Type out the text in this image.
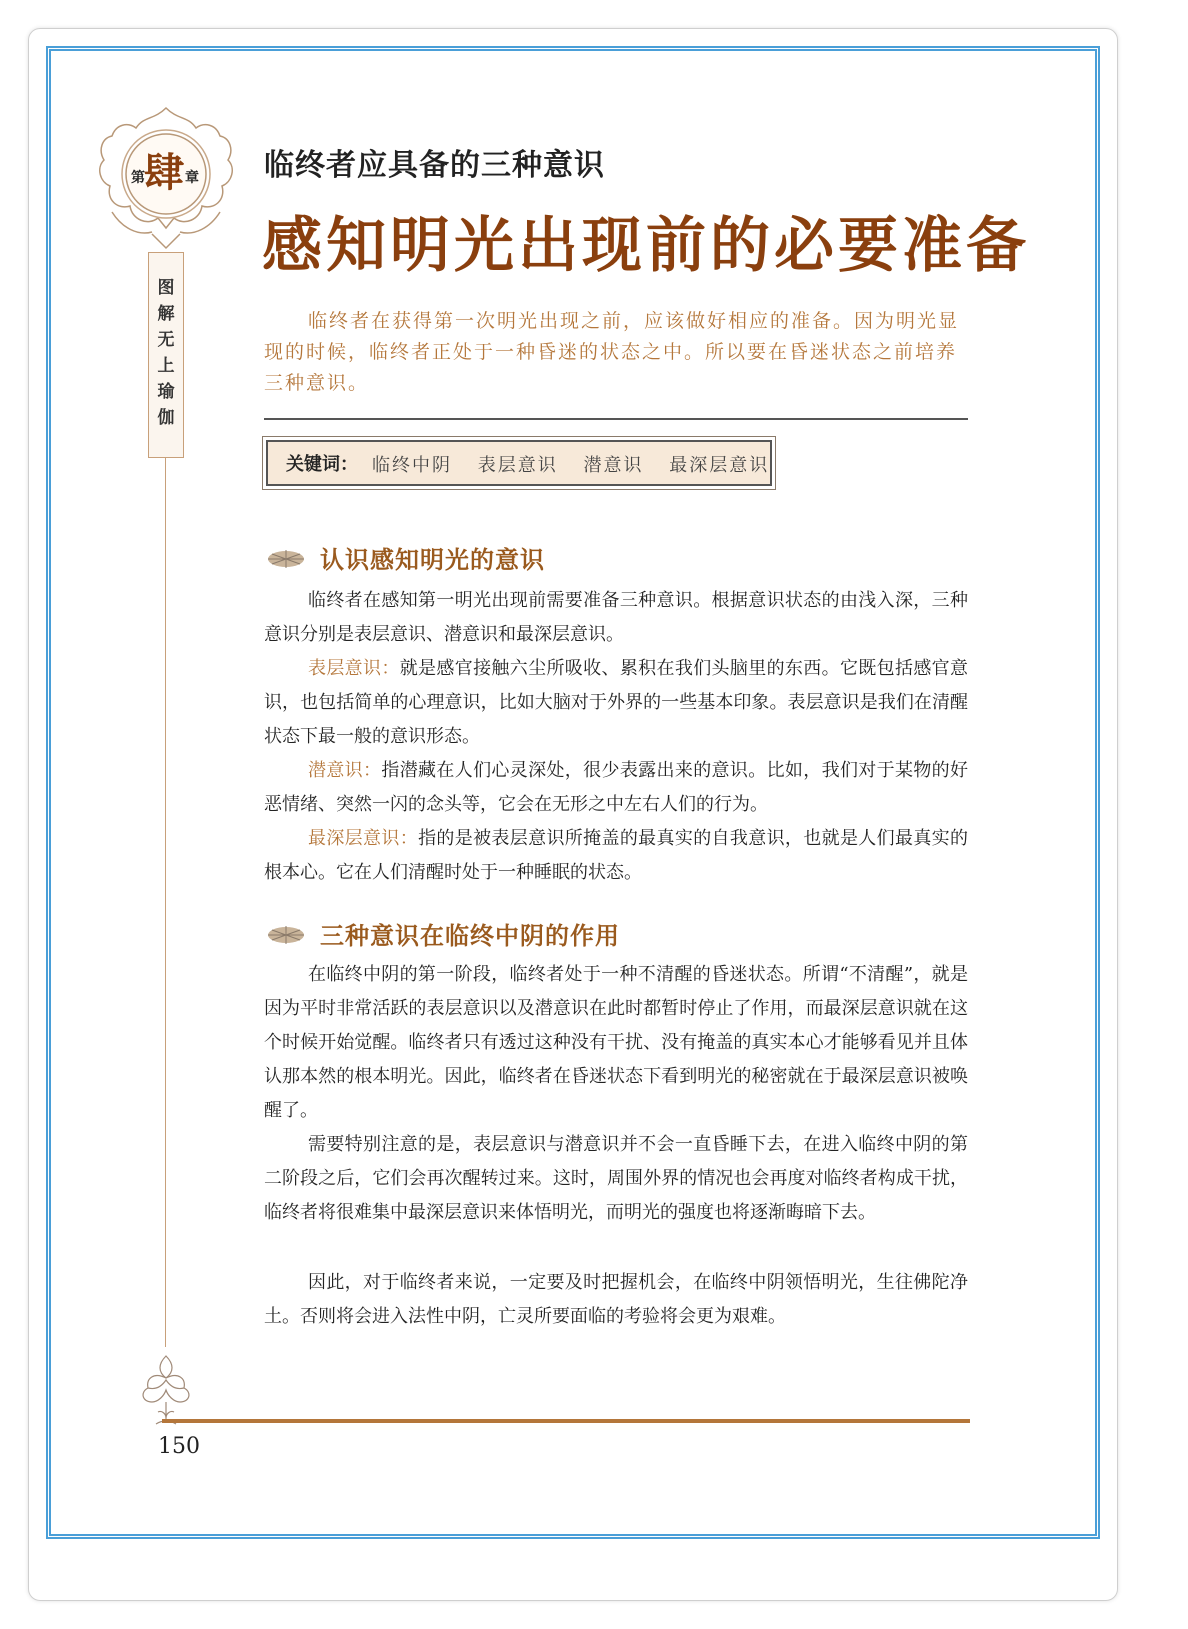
第 肆 章
图
解
无
上
瑜
伽
临终者应具备的三种意识
感知明光出现前的必要准备

临终者在获得第一次明光出现之前，应该做好相应的准备。因为明光显现的时候，临终者正处于一种昏迷的状态之中。所以要在昏迷状态之前培养三种意识。

关键词： 临终中阴 表层意识 潜意识 最深层意识
认识感知明光的意识

临终者在感知第一明光出现前需要准备三种意识。根据意识状态的由浅入深，三种意识分别是表层意识、潜意识和最深层意识。

表层意识：就是感官接触六尘所吸收、累积在我们头脑里的东西。它既包括感官意识，也包括简单的心理意识，比如大脑对于外界的一些基本印象。表层意识是我们在清醒状态下最一般的意识形态。

潜意识：指潜藏在人们心灵深处，很少表露出来的意识。比如，我们对于某物的好恶情绪、突然一闪的念头等，它会在无形之中左右人们的行为。

最深层意识：指的是被表层意识所掩盖的最真实的自我意识，也就是人们最真实的根本心。它在人们清醒时处于一种睡眠的状态。

三种意识在临终中阴的作用

在临终中阴的第一阶段，临终者处于一种不清醒的昏迷状态。所谓“不清醒”，就是因为平时非常活跃的表层意识以及潜意识在此时都暂时停止了作用，而最深层意识就在这个时候开始觉醒。临终者只有透过这种没有干扰、没有掩盖的真实本心才能够看见并且体认那本然的根本明光。因此，临终者在昏迷状态下看到明光的秘密就在于最深层意识被唤醒了。

需要特别注意的是，表层意识与潜意识并不会一直昏睡下去，在进入临终中阴的第二阶段之后，它们会再次醒转过来。这时，周围外界的情况也会再度对临终者构成干扰，临终者将很难集中最深层意识来体悟明光，而明光的强度也将逐渐晦暗下去。

因此，对于临终者来说，一定要及时把握机会，在临终中阴领悟明光，生往佛陀净土。否则将会进入法性中阴，亡灵所要面临的考验将会更为艰难。

150
